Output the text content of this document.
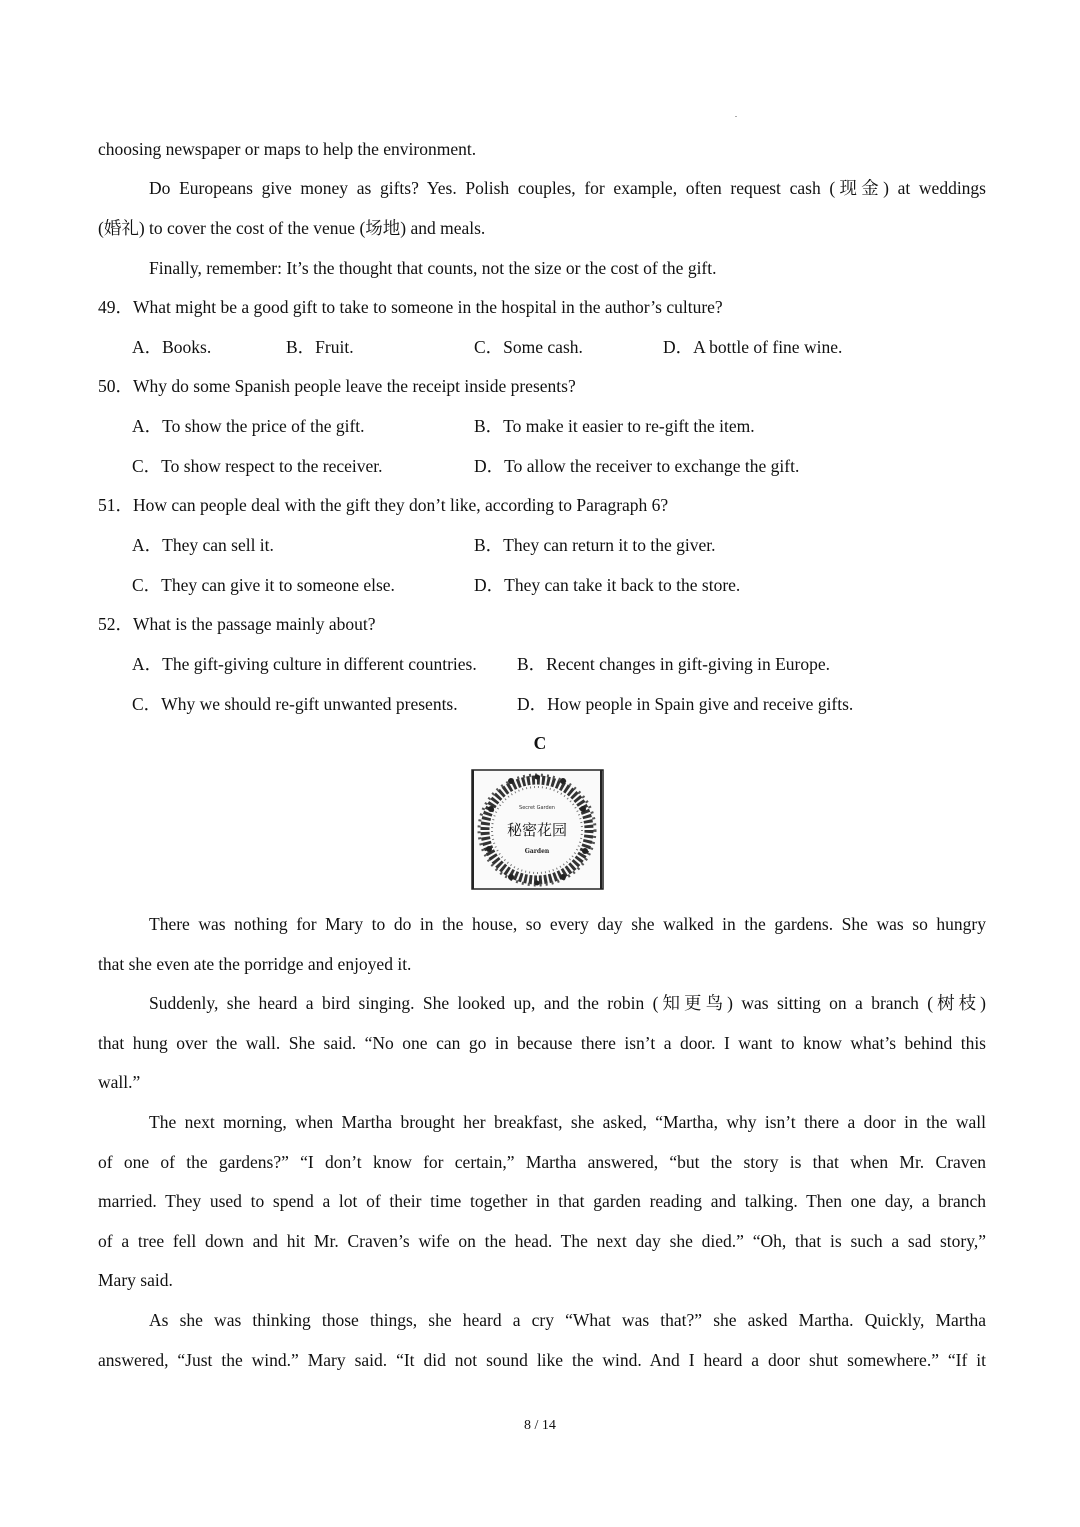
choosing newspaper or maps to help the environment.
Do Europeans give money as gifts? Yes. Polish couples, for example, often request cash (现金) at weddings
(婚礼) to cover the cost of the venue (场地) and meals.
Finally, remember: It’s the thought that counts, not the size or the cost of the gift.
49．What might be a good gift to take to someone in the hospital in the author’s culture?
A．Books.	B．Fruit.	C．Some cash.	D．A bottle of fine wine.
50．Why do some Spanish people leave the receipt inside presents?
A．To show the price of the gift.	B．To make it easier to re-gift the item.
C．To show respect to the receiver.	D．To allow the receiver to exchange the gift.
51．How can people deal with the gift they don’t like, according to Paragraph 6?
A．They can sell it.	B．They can return it to the giver.
C．They can give it to someone else.	D．They can take it back to the store.
52．What is the passage mainly about?
A．The gift-giving culture in different countries. B．Recent changes in gift-giving in Europe.
C．Why we should re-gift unwanted presents.	D．How people in Spain give and receive gifts.
C
Secret Garden
秘密花园
Garden
There was nothing for Mary to do in the house, so every day she walked in the gardens. She was so hungry
that she even ate the porridge and enjoyed it.
Suddenly, she heard a bird singing. She looked up, and the robin (知更鸟) was sitting on a branch (树枝)
that hung over the wall. She said. “No one can go in because there isn’t a door. I want to know what’s behind this
wall.”
The next morning, when Martha brought her breakfast, she asked, “Martha, why isn’t there a door in the wall
of one of the gardens?” “I don’t know for certain,” Martha answered, “but the story is that when Mr. Craven
married. They used to spend a lot of their time together in that garden reading and talking. Then one day, a branch
of a tree fell down and hit Mr. Craven’s wife on the head. The next day she died.” “Oh, that is such a sad story,”
Mary said.
As she was thinking those things, she heard a cry “What was that?” she asked Martha. Quickly, Martha
answered, “Just the wind.” Mary said. “It did not sound like the wind. And I heard a door shut somewhere.” “If it
8 / 14
